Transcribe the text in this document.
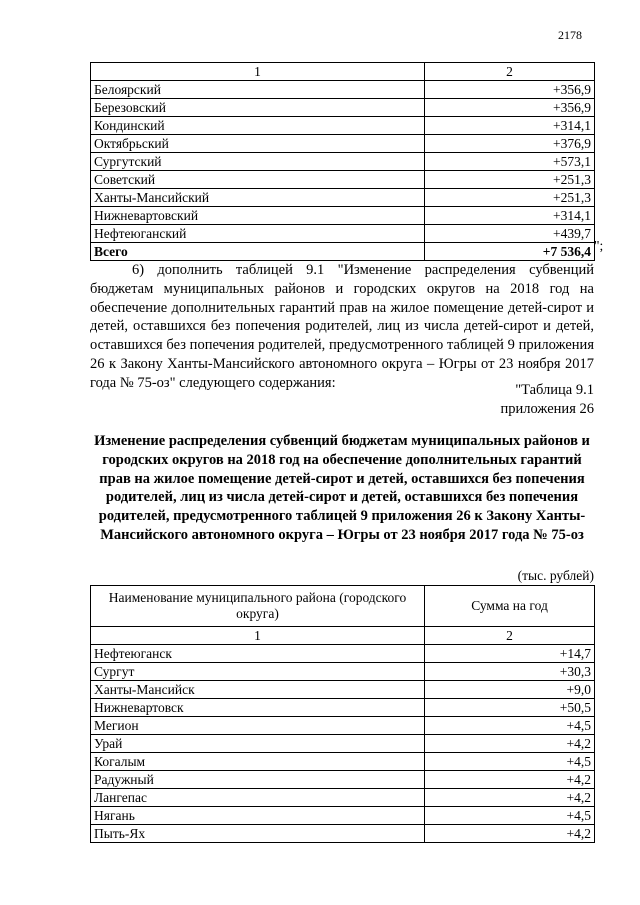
2178
1	2
Белоярский	+356,9
Березовский	+356,9
Кондинский	+314,1
Октябрьский	+376,9
Сургутский	+573,1
Советский	+251,3
Ханты-Мансийский	+251,3
Нижневартовский	+314,1
Нефтеюганский	+439,7
Всего	+7 536,4 ";

6) дополнить таблицей 9.1 "Изменение распределения субвенций бюджетам муниципальных районов и городских округов на 2018 год на обеспечение дополнительных гарантий прав на жилое помещение детей-сирот и детей, оставшихся без попечения родителей, лиц из числа детей-сирот и детей, оставшихся без попечения родителей, предусмотренного таблицей 9 приложения 26 к Закону Ханты-Мансийского автономного округа – Югры от 23 ноября 2017 года № 75-оз" следующего содержания:	"Таблица 9.1
приложения 26
Изменение распределения субвенций бюджетам муниципальных районов и городских округов на 2018 год на обеспечение дополнительных гарантий прав на жилое помещение детей-сирот и детей, оставшихся без попечения родителей, лиц из числа детей-сирот и детей, оставшихся без попечения родителей, предусмотренного таблицей 9 приложения 26 к Закону Ханты-Мансийского автономного округа – Югры от 23 ноября 2017 года № 75-оз
(тыс. рублей)
Наименование муниципального района (городского округа)	Сумма на год
1	2
Нефтеюганск	+14,7
Сургут	+30,3
Ханты-Мансийск	+9,0
Нижневартовск	+50,5
Мегион	+4,5
Урай	+4,2
Когалым	+4,5
Радужный	+4,2
Лангепас	+4,2
Нягань	+4,5
Пыть-Ях	+4,2
